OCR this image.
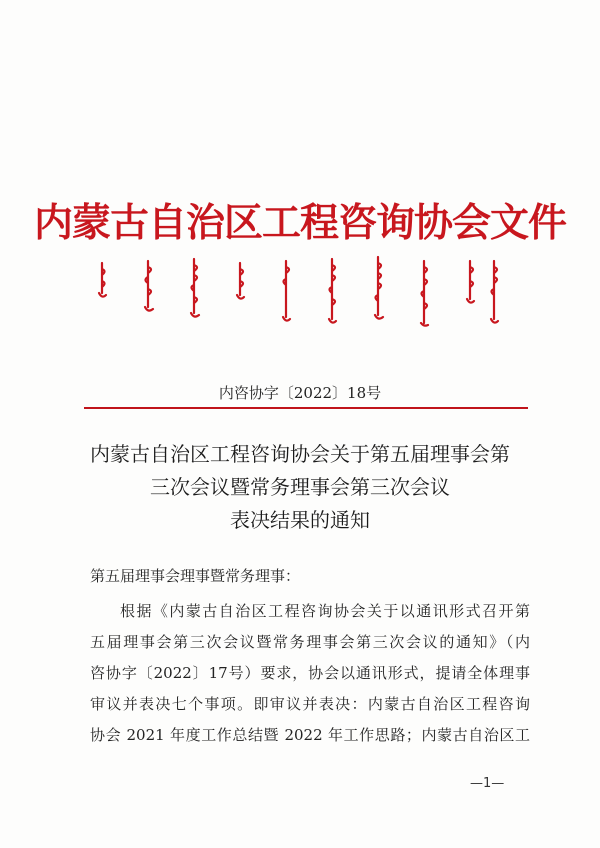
内蒙古自治区工程咨询协会文件
内咨协字〔2022〕18号
内蒙古自治区工程咨询协会关于第五届理事会第
三次会议暨常务理事会第三次会议
表决结果的通知
第五届理事会理事暨常务理事：
根据《内蒙古自治区工程咨询协会关于以通讯形式召开第
五届理事会第三次会议暨常务理事会第三次会议的通知》（内
咨协字〔2022〕17号）要求，协会以通讯形式，提请全体理事
审议并表决七个事项。即审议并表决：内蒙古自治区工程咨询
协会 2021 年度工作总结暨 2022 年工作思路；内蒙古自治区工
—1—
